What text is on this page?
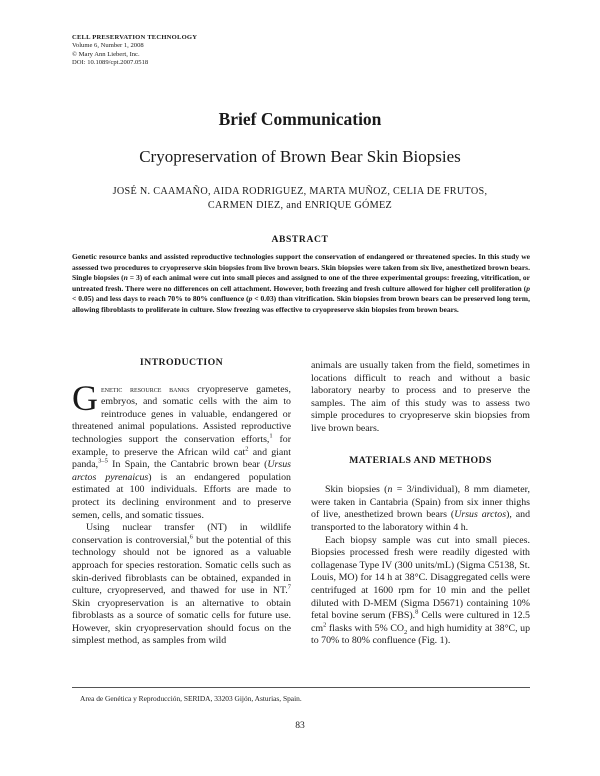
CELL PRESERVATION TECHNOLOGY
Volume 6, Number 1, 2008
© Mary Ann Liebert, Inc.
DOI: 10.1089/cpt.2007.0518
Brief Communication
Cryopreservation of Brown Bear Skin Biopsies
JOSÉ N. CAAMAÑO, AIDA RODRIGUEZ, MARTA MUÑOZ, CELIA DE FRUTOS,
CARMEN DIEZ, and ENRIQUE GÓMEZ
ABSTRACT
Genetic resource banks and assisted reproductive technologies support the conservation of endangered or threatened species. In this study we assessed two procedures to cryopreserve skin biopsies from live brown bears. Skin biopsies were taken from six live, anesthetized brown bears. Single biopsies (n = 3) of each animal were cut into small pieces and assigned to one of the three experimental groups: freezing, vitrification, or untreated fresh. There were no differences on cell attachment. However, both freezing and fresh culture allowed for higher cell proliferation (p < 0.05) and less days to reach 70% to 80% confluence (p < 0.03) than vitrification. Skin biopsies from brown bears can be preserved long term, allowing fibroblasts to proliferate in culture. Slow freezing was effective to cryopreserve skin biopsies from brown bears.
INTRODUCTION

Genetic resource banks cryopreserve gametes, embryos, and somatic cells with the aim to reintroduce genes in valuable, endangered or threatened animal populations. Assisted reproductive technologies support the conservation efforts,$^1$ for example, to preserve the African wild cat$^2$ and giant panda,$^{3-5}$ In Spain, the Cantabric brown bear (Ursus arctos pyrenaicus) is an endangered population estimated at 100 individuals. Efforts are made to protect its declining environment and to preserve semen, cells, and somatic tissues.

Using nuclear transfer (NT) in wildlife conservation is controversial,$^6$ but the potential of this technology should not be ignored as a valuable approach for species restoration. Somatic cells such as skin-derived fibroblasts can be obtained, expanded in culture, cryopreserved, and thawed for use in NT.$^7$ Skin cryopreservation is an alternative to obtain fibroblasts as a source of somatic cells for future use. However, skin cryopreservation should focus on the simplest method, as samples from wild

animals are usually taken from the field, sometimes in locations difficult to reach and without a basic laboratory nearby to process and to preserve the samples. The aim of this study was to assess two simple procedures to cryopreserve skin biopsies from live brown bears.

MATERIALS AND METHODS

Skin biopsies (n = 3/individual), 8 mm diameter, were taken in Cantabria (Spain) from six inner thighs of live, anesthetized brown bears (Ursus arctos), and transported to the laboratory within 4 h.

Each biopsy sample was cut into small pieces. Biopsies processed fresh were readily digested with collagenase Type IV (300 units/mL) (Sigma C5138, St. Louis, MO) for 14 h at 38°C. Disaggregated cells were centrifuged at 1600 rpm for 10 min and the pellet diluted with D-MEM (Sigma D5671) containing 10% fetal bovine serum (FBS).$^8$ Cells were cultured in 12.5 $cm^2$ flasks with 5% $CO_2$ and high humidity at 38°C, up to 70% to 80% confluence (Fig. 1).

Area de Genética y Reproducción, SERIDA, 33203 Gijón, Asturias, Spain.
83
